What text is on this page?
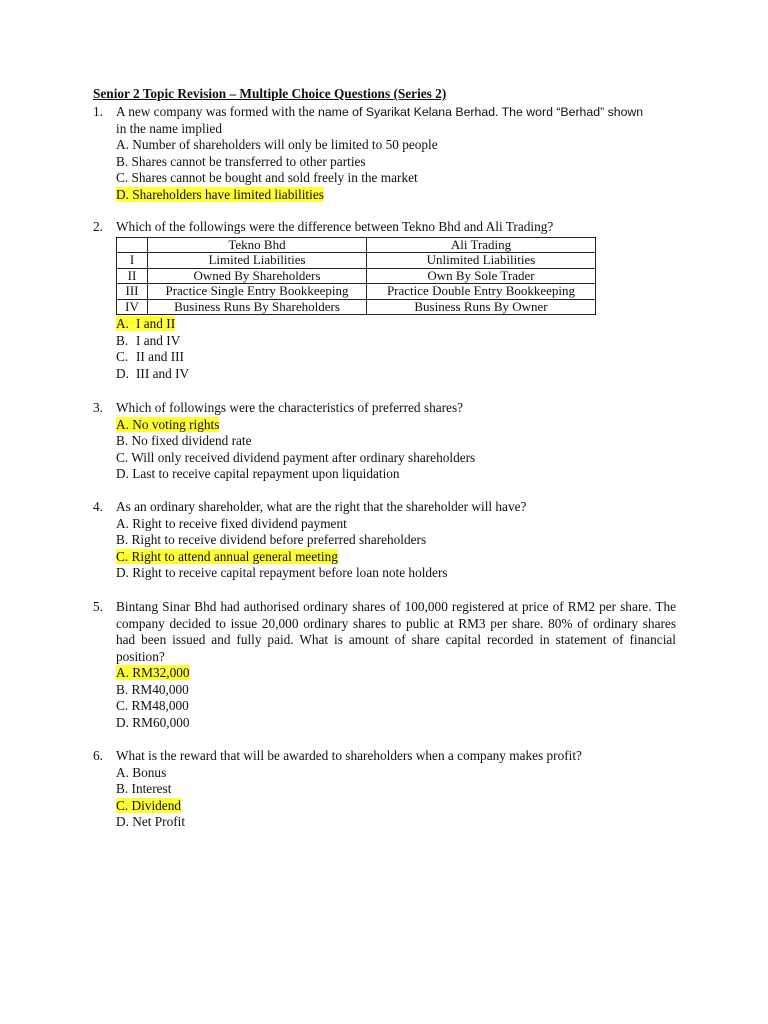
Senior 2 Topic Revision – Multiple Choice Questions (Series 2)
1. A new company was formed with the name of Syarikat Kelana Berhad. The word “Berhad” shown
in the name implied
A. Number of shareholders will only be limited to 50 people
B. Shares cannot be transferred to other parties
C. Shares cannot be bought and sold freely in the market
D. Shareholders have limited liabilities
2. Which of the followings were the difference between Tekno Bhd and Ali Trading?
	Tekno Bhd	Ali Trading
I	Limited Liabilities	Unlimited Liabilities
II	Owned By Shareholders	Own By Sole Trader
III	Practice Single Entry Bookkeeping	Practice Double Entry Bookkeeping
IV	Business Runs By Shareholders	Business Runs By Owner
A. I and II
B. I and IV
C. II and III
D. III and IV
3. Which of followings were the characteristics of preferred shares?
A. No voting rights
B. No fixed dividend rate
C. Will only received dividend payment after ordinary shareholders
D. Last to receive capital repayment upon liquidation
4. As an ordinary shareholder, what are the right that the shareholder will have?
A. Right to receive fixed dividend payment
B. Right to receive dividend before preferred shareholders
C. Right to attend annual general meeting
D. Right to receive capital repayment before loan note holders
5. Bintang Sinar Bhd had authorised ordinary shares of 100,000 registered at price of RM2 per share. The company decided to issue 20,000 ordinary shares to public at RM3 per share. 80% of ordinary shares had been issued and fully paid. What is amount of share capital recorded in statement of financial position?
A. RM32,000
B. RM40,000
C. RM48,000
D. RM60,000
6. What is the reward that will be awarded to shareholders when a company makes profit?
A. Bonus
B. Interest
C. Dividend
D. Net Profit
